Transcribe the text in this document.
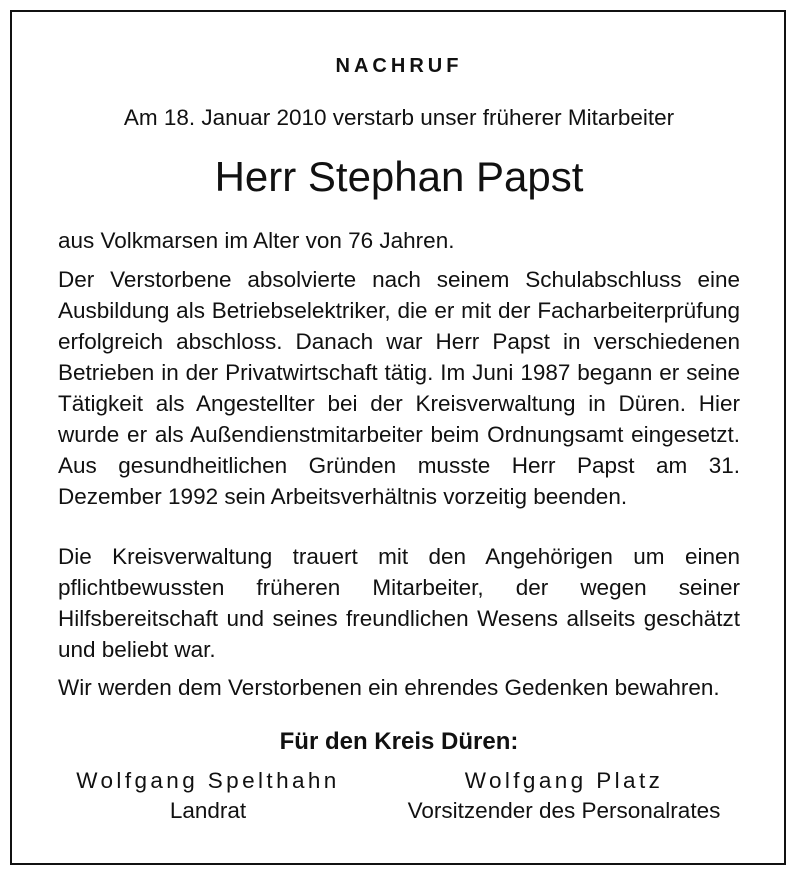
NACHRUF
Am 18. Januar 2010 verstarb unser früherer Mitarbeiter
Herr Stephan Papst
aus Volkmarsen im Alter von 76 Jahren.
Der Verstorbene absolvierte nach seinem Schulabschluss eine Ausbildung als Betriebselektriker, die er mit der Facharbeiterprüfung erfolgreich abschloss. Danach war Herr Papst in verschiedenen Betrieben in der Privatwirtschaft tätig. Im Juni 1987 begann er seine Tätigkeit als Angestellter bei der Kreisverwaltung in Düren. Hier wurde er als Außendienstmitarbeiter beim Ordnungsamt eingesetzt. Aus gesundheitlichen Gründen musste Herr Papst am 31. Dezember 1992 sein Arbeitsverhältnis vorzeitig beenden.
Die Kreisverwaltung trauert mit den Angehörigen um einen pflichtbewussten früheren Mitarbeiter, der wegen seiner Hilfsbereitschaft und seines freundlichen Wesens allseits geschätzt und beliebt war.
Wir werden dem Verstorbenen ein ehrendes Gedenken bewahren.
Für den Kreis Düren:
Wolfgang Spelthahn
Landrat
Wolfgang Platz
Vorsitzender des Personalrates
